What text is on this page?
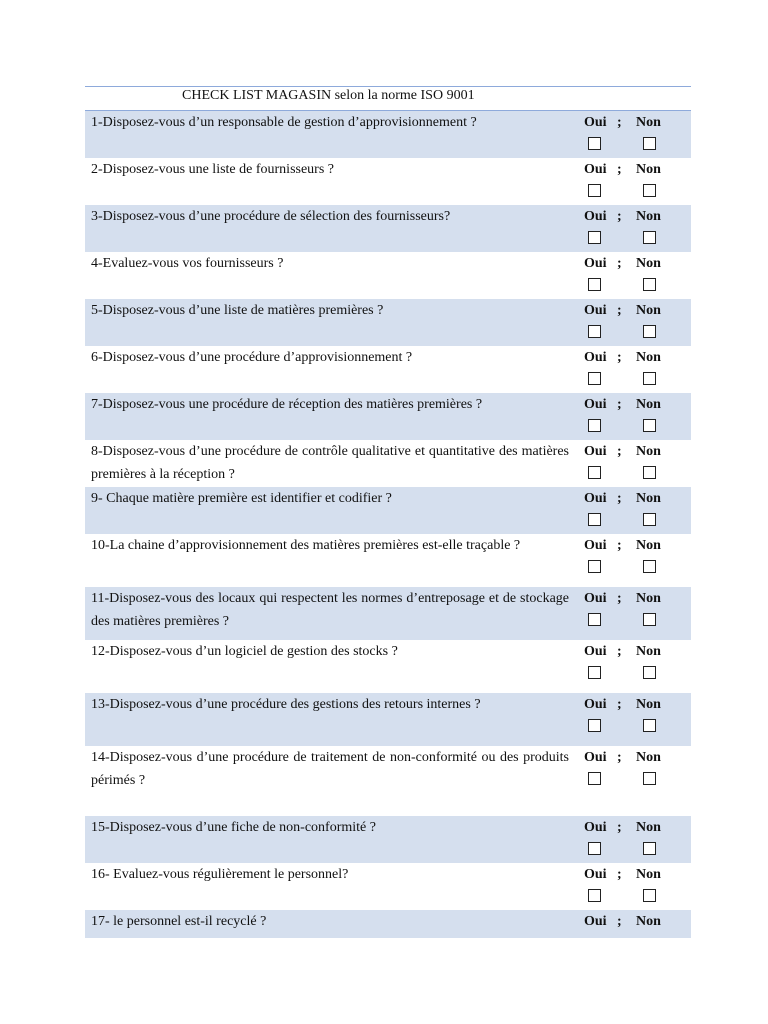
CHECK LIST MAGASIN selon la norme ISO 9001
1-Disposez-vous d’un responsable de gestion d’approvisionnement ?	Oui ; Non
2-Disposez-vous une liste de fournisseurs ?	Oui ; Non
3-Disposez-vous d’une procédure de sélection des fournisseurs?	Oui ; Non
4-Evaluez-vous vos fournisseurs ?	Oui ; Non
5-Disposez-vous d’une liste de matières premières ?	Oui ; Non
6-Disposez-vous d’une procédure d’approvisionnement ?	Oui ; Non
7-Disposez-vous une procédure de réception des matières premières ?	Oui ; Non
8-Disposez-vous d’une procédure de contrôle qualitative et quantitative des matières premières à la réception ?
Oui ; Non
9- Chaque matière première est identifier et codifier ?	Oui ; Non
10-La chaine d’approvisionnement des matières premières est-elle traçable ?	Oui ; Non
11-Disposez-vous des locaux qui respectent les normes d’entreposage et de stockage des matières premières ?
Oui ; Non
12-Disposez-vous d’un logiciel de gestion des stocks ?	Oui ; Non
13-Disposez-vous d’une procédure des gestions des retours internes ?	Oui ; Non
14-Disposez-vous d’une procédure de traitement de non-conformité ou des produits périmés ?
Oui ; Non
15-Disposez-vous d’une fiche de non-conformité ?	Oui ; Non
16- Evaluez-vous régulièrement le personnel?	Oui ; Non
17- le personnel est-il recyclé ?	Oui ; Non
